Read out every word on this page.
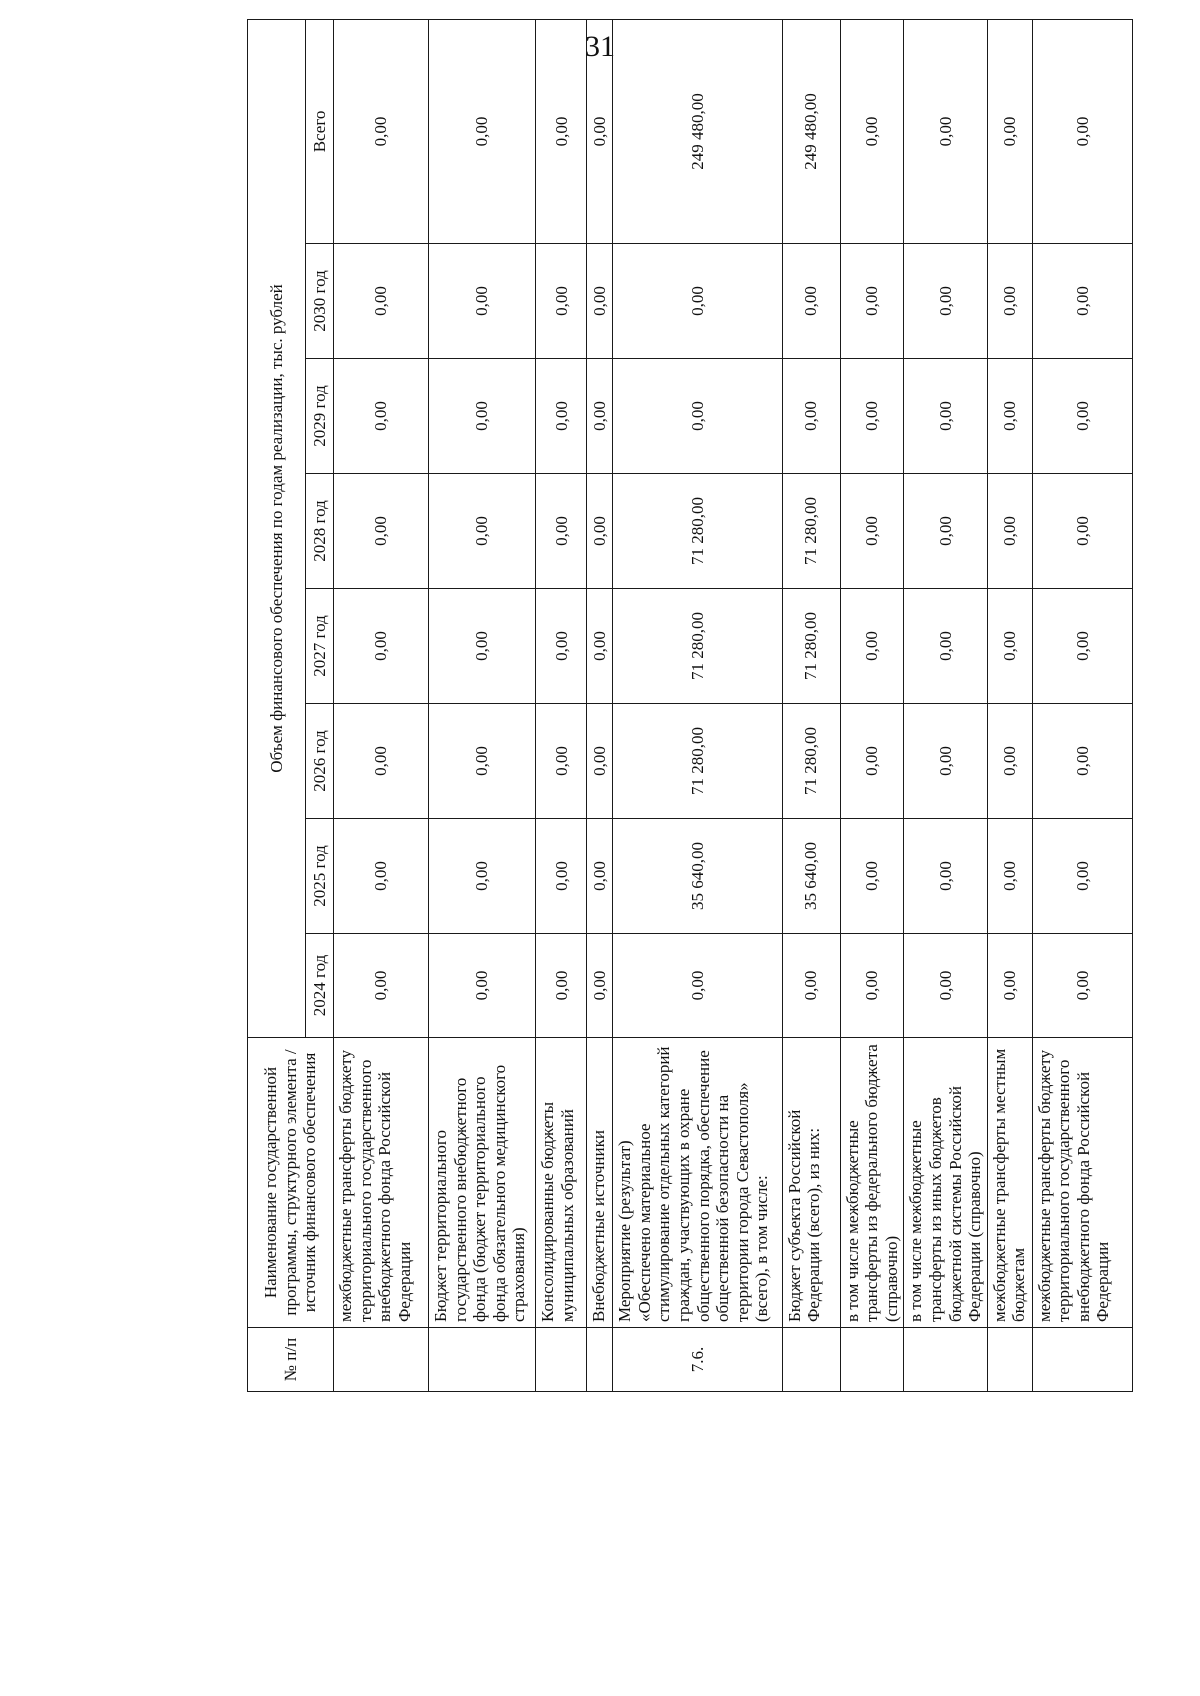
31
№ п/п	Наименование государственной программы, структурного элемента / источник финансового обеспечения	Объем финансового обеспечения по годам реализации, тыс. рублей							
		2024 год	2025 год	2026 год	2027 год	2028 год	2029 год	2030 год	Всего
	межбюджетные трансферты бюджету территориального государственного внебюджетного фонда Российской Федерации	0,00	0,00	0,00	0,00	0,00	0,00	0,00	0,00
	Бюджет территориального государственного внебюджетного фонда (бюджет территориального фонда обязательного медицинского страхования)	0,00	0,00	0,00	0,00	0,00	0,00	0,00	0,00
	Консолидированные бюджеты муниципальных образований	0,00	0,00	0,00	0,00	0,00	0,00	0,00	0,00
	Внебюджетные источники	0,00	0,00	0,00	0,00	0,00	0,00	0,00	0,00
7.6.	Мероприятие (результат) «Обеспечено материальное стимулирование отдельных категорий граждан, участвующих в охране общественного порядка, обеспечение общественной безопасности на территории города Севастополя» (всего), в том числе:	0,00	35 640,00	71 280,00	71 280,00	71 280,00	0,00	0,00	249 480,00
	Бюджет субъекта Российской Федерации (всего), из них:	0,00	35 640,00	71 280,00	71 280,00	71 280,00	0,00	0,00	249 480,00
	в том числе межбюджетные трансферты из федерального бюджета (справочно)	0,00	0,00	0,00	0,00	0,00	0,00	0,00	0,00
	в том числе межбюджетные трансферты из иных бюджетов бюджетной системы Российской Федерации (справочно)	0,00	0,00	0,00	0,00	0,00	0,00	0,00	0,00
	межбюджетные трансферты местным бюджетам	0,00	0,00	0,00	0,00	0,00	0,00	0,00	0,00
	межбюджетные трансферты бюджету территориального государственного внебюджетного фонда Российской Федерации	0,00	0,00	0,00	0,00	0,00	0,00	0,00	0,00
